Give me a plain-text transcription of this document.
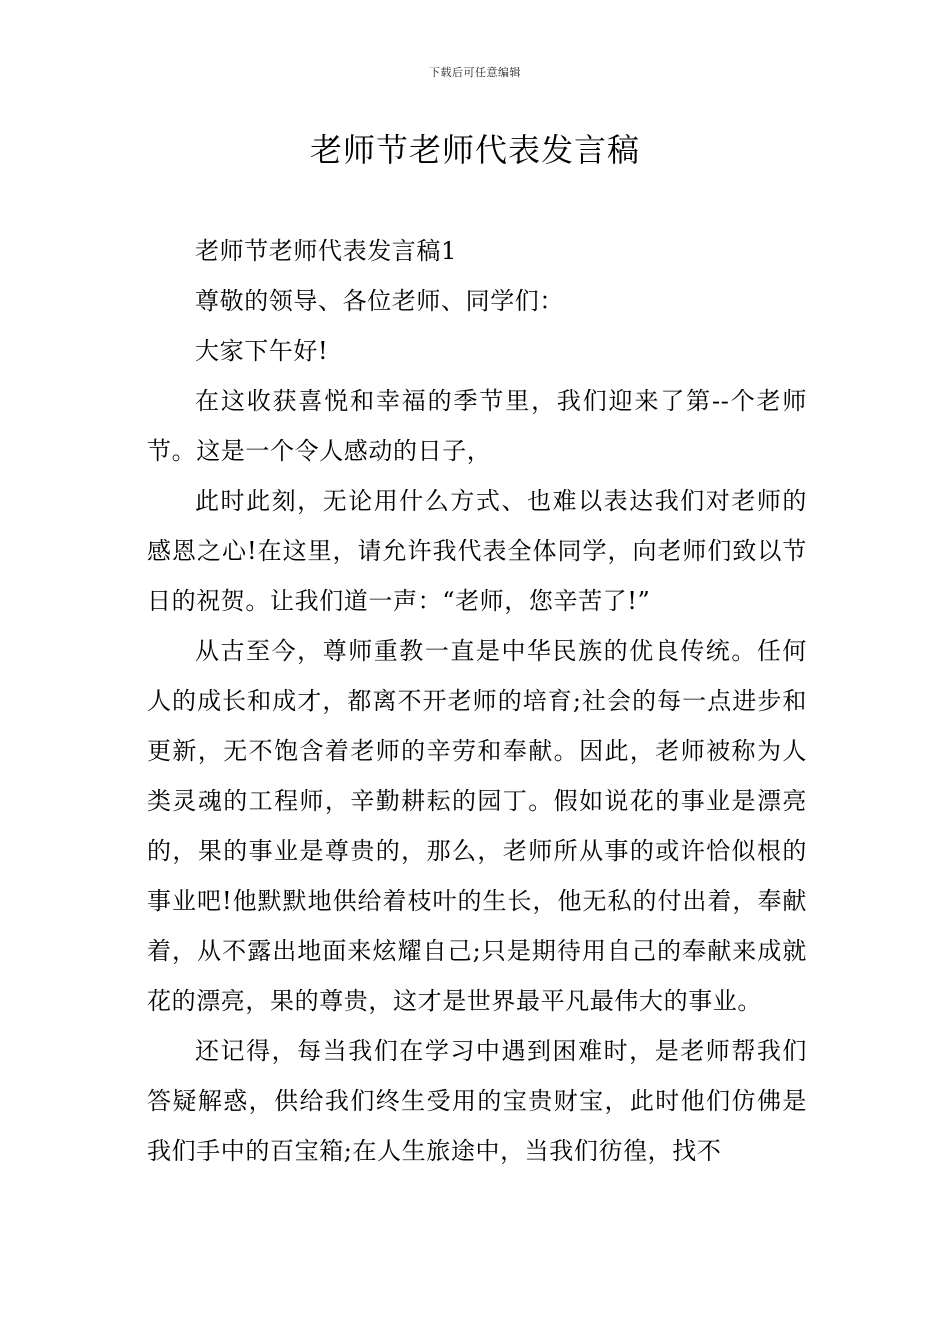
下载后可任意编辑
老师节老师代表发言稿

老师节老师代表发言稿1

尊敬的领导、各位老师、同学们：

大家下午好!

在这收获喜悦和幸福的季节里，我们迎来了第--个老师节。这是一个令人感动的日子，

此时此刻，无论用什么方式、也难以表达我们对老师的感恩之心!在这里，请允许我代表全体同学，向老师们致以节日的祝贺。让我们道一声：“老师，您辛苦了!”

从古至今，尊师重教一直是中华民族的优良传统。任何人的成长和成才，都离不开老师的培育;社会的每一点进步和更新，无不饱含着老师的辛劳和奉献。因此，老师被称为人类灵魂的工程师，辛勤耕耘的园丁。假如说花的事业是漂亮的，果的事业是尊贵的，那么，老师所从事的或许恰似根的事业吧!他默默地供给着枝叶的生长，他无私的付出着，奉献着，从不露出地面来炫耀自己;只是期待用自己的奉献来成就花的漂亮，果的尊贵，这才是世界最平凡最伟大的事业。

还记得，每当我们在学习中遇到困难时，是老师帮我们答疑解惑，供给我们终生受用的宝贵财宝，此时他们仿佛是我们手中的百宝箱;在人生旅途中，当我们彷徨，找不
